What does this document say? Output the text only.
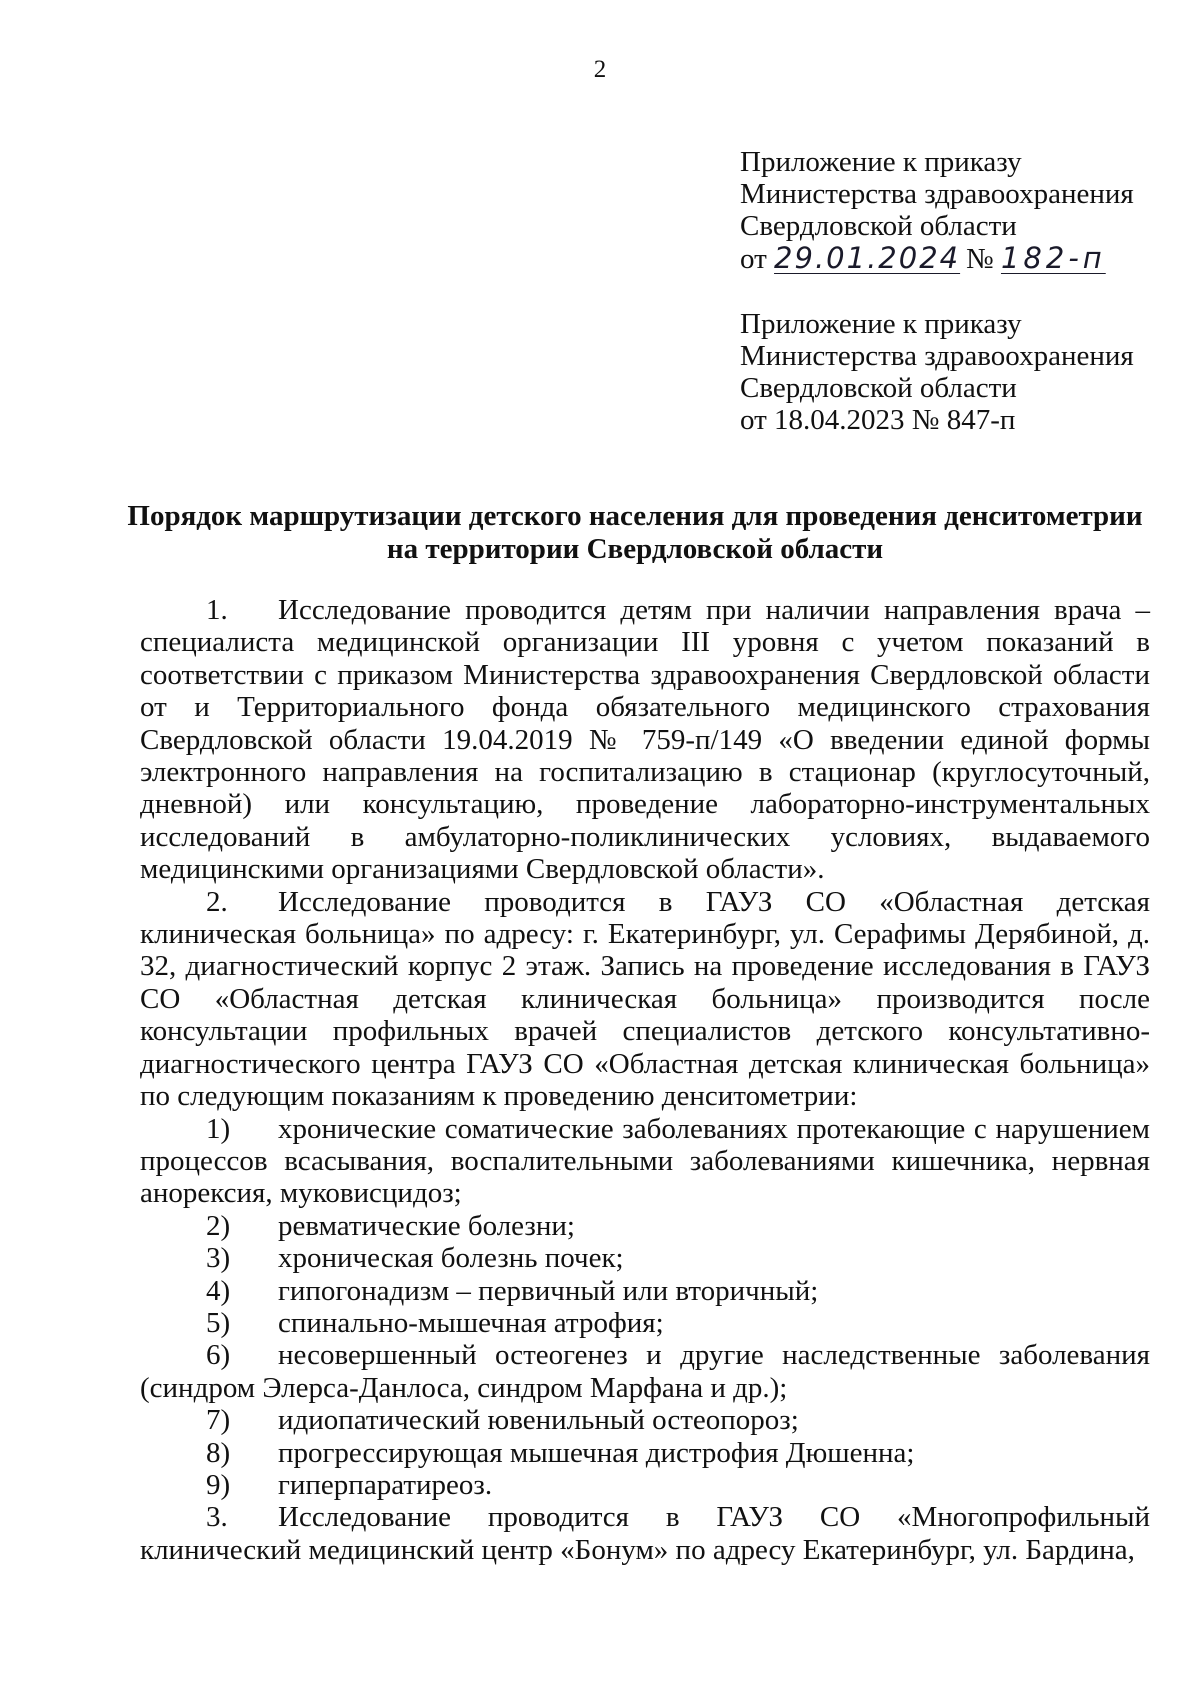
2
Приложение к приказу
Министерства здравоохранения
Свердловской области
от 29.01.2024 № 182-п
Приложение к приказу
Министерства здравоохранения
Свердловской области
от 18.04.2023 № 847-п
Порядок маршрутизации детского населения для проведения денситометрии
на территории Свердловской области

1. Исследование проводится детям при наличии направления врача – специалиста медицинской организации III уровня с учетом показаний в соответствии с приказом Министерства здравоохранения Свердловской области от и Территориального фонда обязательного медицинского страхования Свердловской области 19.04.2019 № 759-п/149 «О введении единой формы электронного направления на госпитализацию в стационар (круглосуточный, дневной) или консультацию, проведение лабораторно-инструментальных исследований в амбулаторно-поликлинических условиях, выдаваемого медицинскими организациями Свердловской области».

2. Исследование проводится в ГАУЗ СО «Областная детская клиническая больница» по адресу: г. Екатеринбург, ул. Серафимы Дерябиной, д. 32, диагностический корпус 2 этаж. Запись на проведение исследования в ГАУЗ СО «Областная детская клиническая больница» производится после консультации профильных врачей специалистов детского консультативно-диагностического центра ГАУЗ СО «Областная детская клиническая больница» по следующим показаниям к проведению денситометрии:

1) хронические соматические заболеваниях протекающие с нарушением процессов всасывания, воспалительными заболеваниями кишечника, нервная анорексия, муковисцидоз;

2) ревматические болезни;

3) хроническая болезнь почек;

4) гипогонадизм – первичный или вторичный;

5) спинально-мышечная атрофия;

6) несовершенный остеогенез и другие наследственные заболевания (синдром Элерса-Данлоса, синдром Марфана и др.);

7) идиопатический ювенильный остеопороз;

8) прогрессирующая мышечная дистрофия Дюшенна;

9) гиперпаратиреоз.

3. Исследование проводится в ГАУЗ СО «Многопрофильный клинический медицинский центр «Бонум» по адресу Екатеринбург, ул. Бардина,
